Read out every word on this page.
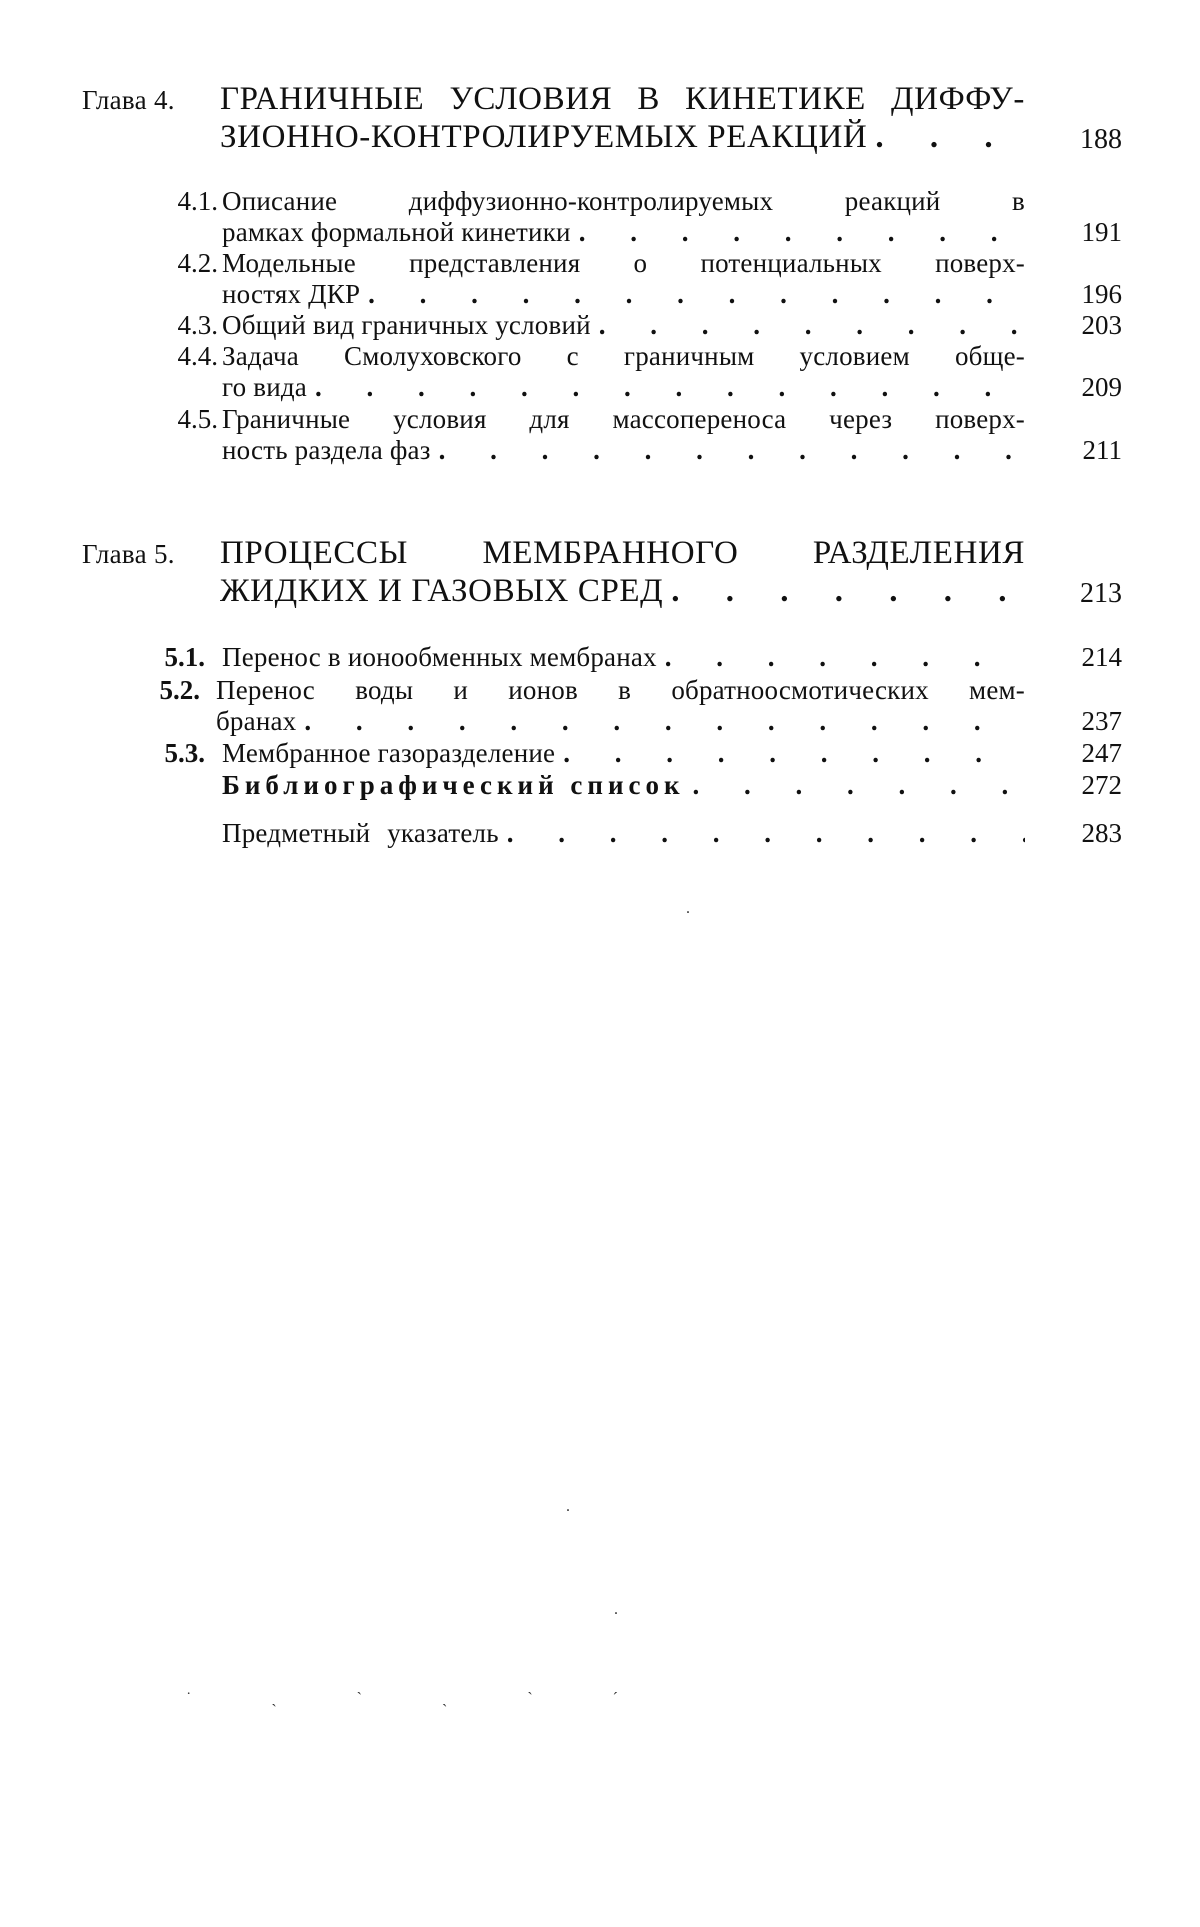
Глава 4. ГРАНИЧНЫЕ УСЛОВИЯ В КИНЕТИКЕ ДИФФУ-
ЗИОННО-КОНТРОЛИРУЕМЫХ РЕАКЦИЙ . . .	188
4.1. Описание диффузионно-контролируемых реакций в
рамках формальной кинетики . . .	191
4.2. Модельные представления о потенциальных поверх-
ностях ДКР . . .	196
4.3. Общий вид граничных условий . . .	203
4.4. Задача Смолуховского с граничным условием обще-
го вида . . .	209
4.5. Граничные условия для массопереноса через поверх-
ность раздела фаз . . .	211
Глава 5. ПРОЦЕССЫ МЕМБРАННОГО РАЗДЕЛЕНИЯ
ЖИДКИХ И ГАЗОВЫХ СРЕД . . .	213
5.1. Перенос в ионообменных мембранах . . .	214
5.2. Перенос воды и ионов в обратноосмотических мем-
бранах . . .	237
5.3. Мембранное газоразделение . . .	247
Библиографический список . . .	272
Предметный указатель . . .	283
.
.
.
˙ ˏ ` ˎ ˋ ˊ
